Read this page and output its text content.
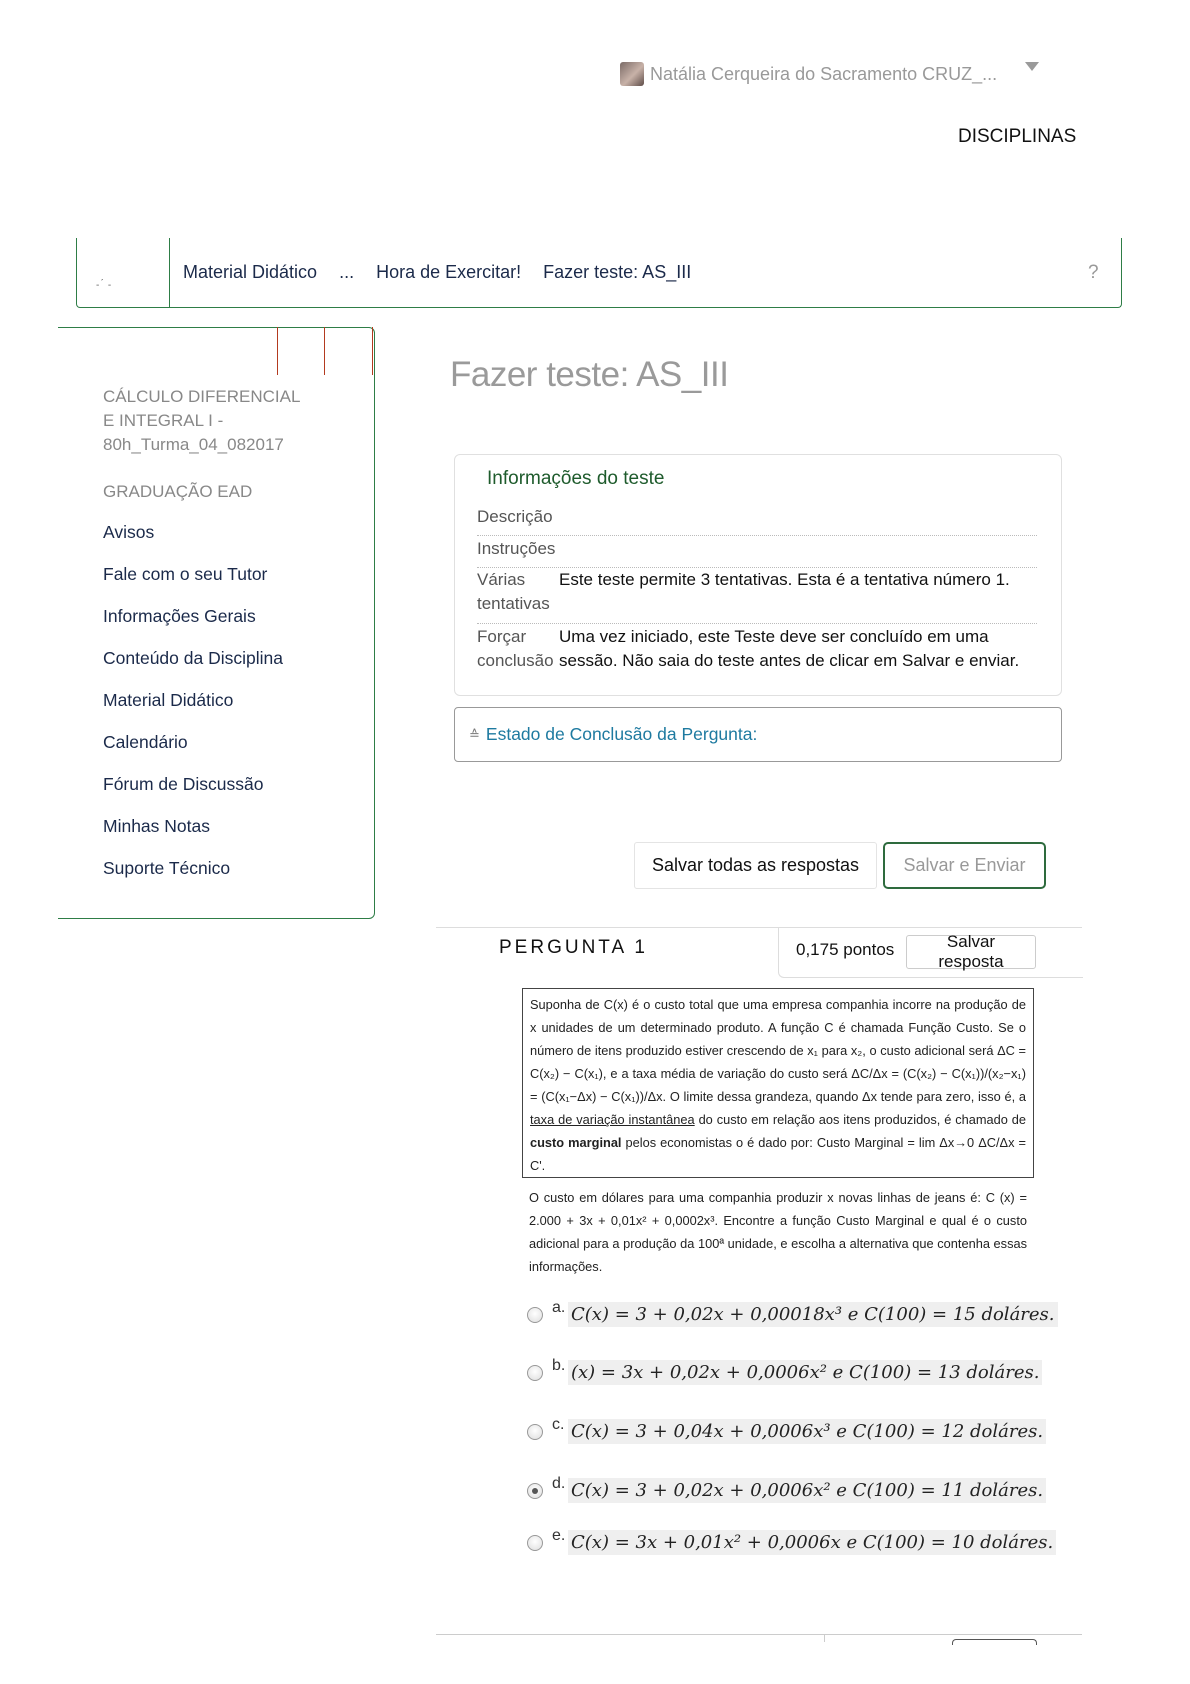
Natália Cerqueira do Sacramento CRUZ_...
DISCIPLINAS
- ́ -
Material Didático ... Hora de Exercitar! Fazer teste: AS_III	?
CÁLCULO DIFERENCIAL E INTEGRAL I - 80h_Turma_04_082017
GRADUAÇÃO EAD
Avisos
Fale com o seu Tutor
Informações Gerais
Conteúdo da Disciplina
Material Didático
Calendário
Fórum de Discussão
Minhas Notas
Suporte Técnico
Fazer teste: AS_III
Informações do teste
Descrição
Instruções
Várias tentativas
Este teste permite 3 tentativas. Esta é a tentativa número 1.
Forçar conclusão
Uma vez iniciado, este Teste deve ser concluído em uma sessão. Não saia do teste antes de clicar em Salvar e enviar.
≙ Estado de Conclusão da Pergunta:
Salvar todas as respostas	Salvar e Enviar
PERGUNTA 1	0,175 pontos	Salvar resposta

Suponha de C(x) é o custo total que uma empresa companhia incorre na produção de x unidades de um determinado produto. A função C é chamada Função Custo. Se o número de itens produzido estiver crescendo de x₁ para x₂, o custo adicional será ΔC = C(x₂) − C(x₁), e a taxa média de variação do custo será ΔC/Δx = (C(x₂) − C(x₁))/(x₂−x₁) = (C(x₁−Δx) − C(x₁))/Δx. O limite dessa grandeza, quando Δx tende para zero, isso é, a taxa de variação instantânea do custo em relação aos itens produzidos, é chamado de custo marginal pelos economistas o é dado por: Custo Marginal = lim Δx→0 ΔC/Δx = C'.

O custo em dólares para uma companhia produzir x novas linhas de jeans é: C (x) = 2.000 + 3x + 0,01x² + 0,0002x³. Encontre a função Custo Marginal e qual é o custo adicional para a produção da 100ª unidade, e escolha a alternativa que contenha essas informações.
a. C(x) = 3 + 0,02x + 0,00018x³ e C(100) = 15 doláres.
b. (x) = 3x + 0,02x + 0,0006x² e C(100) = 13 doláres.
c. C(x) = 3 + 0,04x + 0,0006x³ e C(100) = 12 doláres.
d. C(x) = 3 + 0,02x + 0,0006x² e C(100) = 11 doláres.
e. C(x) = 3x + 0,01x² + 0,0006x e C(100) = 10 doláres.
